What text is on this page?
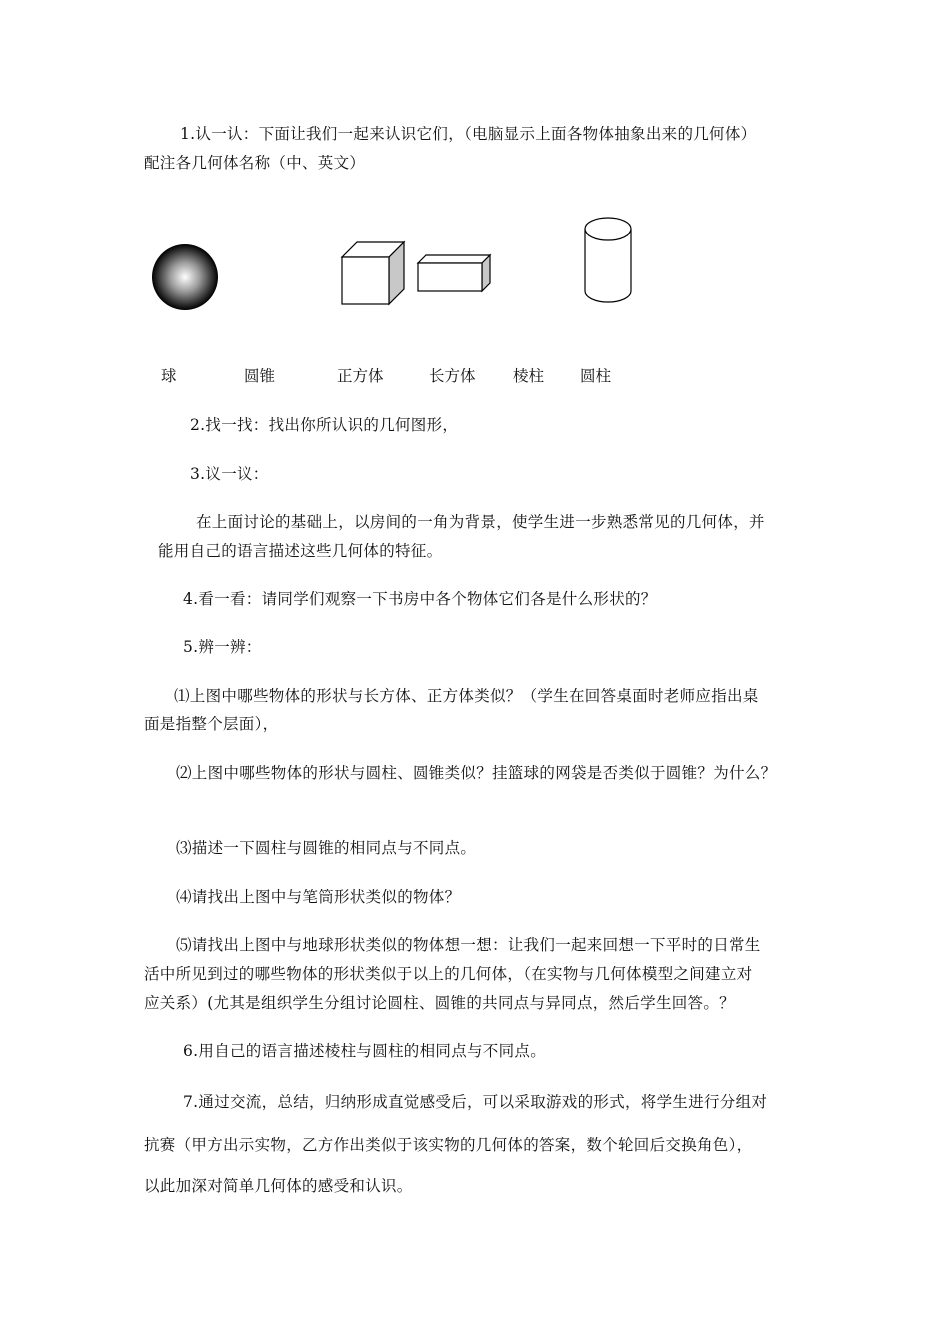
1.认一认：下面让我们一起来认识它们，（电脑显示上面各物体抽象出来的几何体）
配注各几何体名称（中、英文）
球	圆锥	正方体	长方体 棱柱 圆柱
2.找一找：找出你所认识的几何图形，
3.议一议：
在上面讨论的基础上，以房间的一角为背景，使学生进一步熟悉常见的几何体，并
能用自己的语言描述这些几何体的特征。
4.看一看：请同学们观察一下书房中各个物体它们各是什么形状的？
5.辨一辨：
⑴上图中哪些物体的形状与长方体、正方体类似？（学生在回答桌面时老师应指出桌
面是指整个层面），
⑵上图中哪些物体的形状与圆柱、圆锥类似？挂篮球的网袋是否类似于圆锥？为什么？
⑶描述一下圆柱与圆锥的相同点与不同点。
⑷请找出上图中与笔筒形状类似的物体？
⑸请找出上图中与地球形状类似的物体想一想：让我们一起来回想一下平时的日常生
活中所见到过的哪些物体的形状类似于以上的几何体，（在实物与几何体模型之间建立对
应关系）(尤其是组织学生分组讨论圆柱、圆锥的共同点与异同点，然后学生回答。？
6.用自己的语言描述棱柱与圆柱的相同点与不同点。
7.通过交流，总结，归纳形成直觉感受后，可以采取游戏的形式，将学生进行分组对
抗赛（甲方出示实物，乙方作出类似于该实物的几何体的答案，数个轮回后交换角色），
以此加深对简单几何体的感受和认识。
